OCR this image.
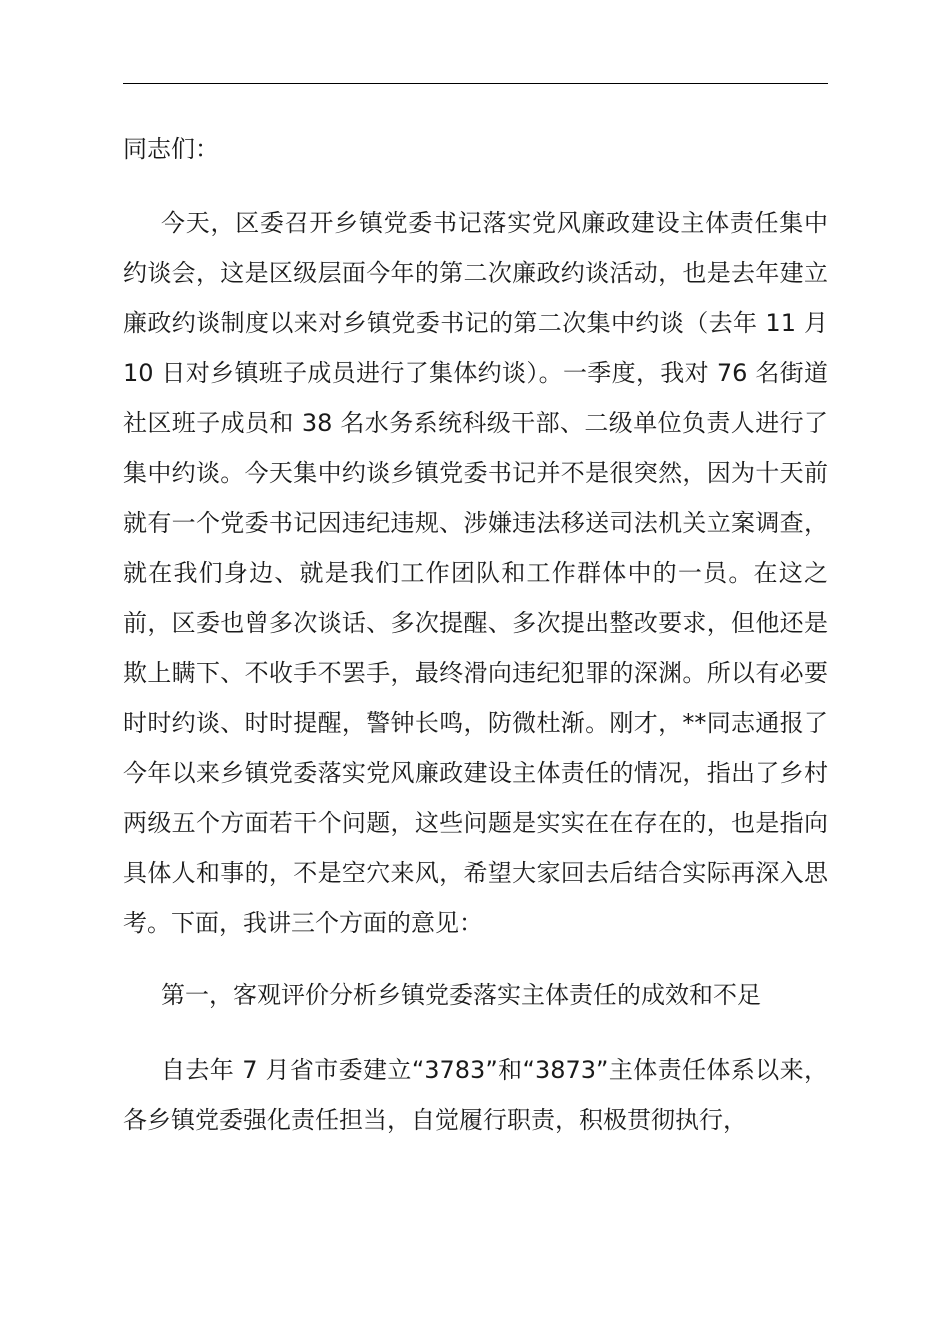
同志们：

今天，区委召开乡镇党委书记落实党风廉政建设主体责任集中约谈会，这是区级层面今年的第二次廉政约谈活动，也是去年建立廉政约谈制度以来对乡镇党委书记的第二次集中约谈（去年 11 月 10 日对乡镇班子成员进行了集体约谈）。一季度，我对 76 名街道社区班子成员和 38 名水务系统科级干部、二级单位负责人进行了集中约谈。今天集中约谈乡镇党委书记并不是很突然，因为十天前就有一个党委书记因违纪违规、涉嫌违法移送司法机关立案调查，就在我们身边、就是我们工作团队和工作群体中的一员。在这之前，区委也曾多次谈话、多次提醒、多次提出整改要求，但他还是欺上瞒下、不收手不罢手，最终滑向违纪犯罪的深渊。所以有必要时时约谈、时时提醒，警钟长鸣，防微杜渐。刚才，**同志通报了今年以来乡镇党委落实党风廉政建设主体责任的情况，指出了乡村两级五个方面若干个问题，这些问题是实实在在存在的，也是指向具体人和事的，不是空穴来风，希望大家回去后结合实际再深入思考。下面，我讲三个方面的意见：

第一，客观评价分析乡镇党委落实主体责任的成效和不足

自去年 7 月省市委建立“3783”和“3873”主体责任体系以来，各乡镇党委强化责任担当，自觉履行职责，积极贯彻执行，
